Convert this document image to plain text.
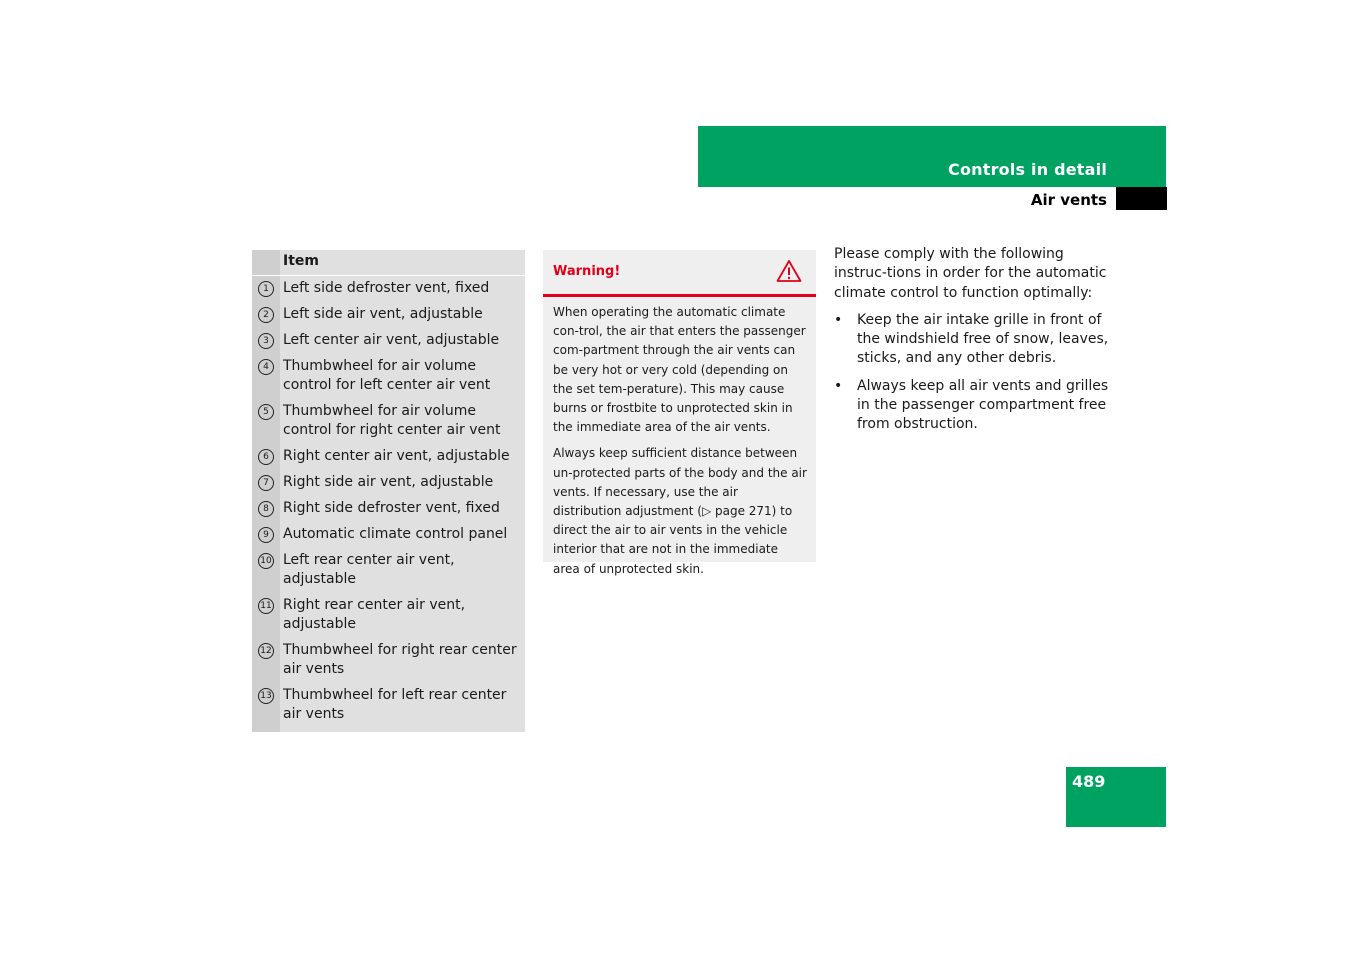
Controls in detail
Air vents
Item
1	Left side defroster vent, fixed
2	Left side air vent, adjustable
3	Left center air vent, adjustable
4	Thumbwheel for air volume control for left center air vent
5	Thumbwheel for air volume control for right center air vent
6	Right center air vent, adjustable
7	Right side air vent, adjustable
8	Right side defroster vent, fixed
9	Automatic climate control panel
10 Left rear center air vent, adjustable
11 Right rear center air vent, adjustable
12 Thumbwheel for right rear center air vents
13 Thumbwheel for left rear center air vents
Warning!

When operating the automatic climate con-trol, the air that enters the passenger com-partment through the air vents can be very hot or very cold (depending on the set tem-perature). This may cause burns or frostbite to unprotected skin in the immediate area of the air vents.

Always keep sufficient distance between un-protected parts of the body and the air vents. If necessary, use the air distribution adjustment (▷ page 271) to direct the air to air vents in the vehicle interior that are not in the immediate area of unprotected skin.

Please comply with the following instruc-tions in order for the automatic climate control to function optimally:

• Keep the air intake grille in front of the windshield free of snow, leaves, sticks, and any other debris.
• Always keep all air vents and grilles in the passenger compartment free from obstruction.
489
